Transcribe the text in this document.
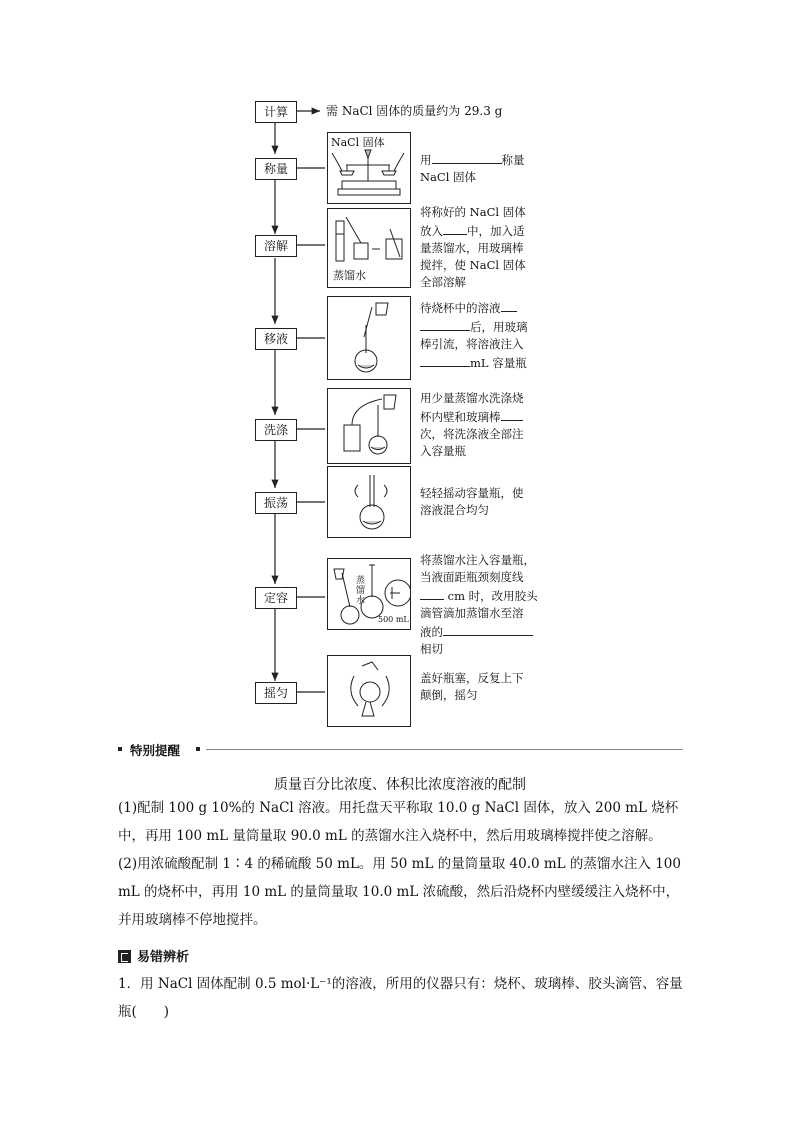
计算	需 NaCl 固体的质量约为 29.3 g
称量
NaCl 固体
用	称量
NaCl 固体
溶解
蒸馏水
将称好的 NaCl 固体
放入 中，加入适
量蒸馏水，用玻璃棒
搅拌，使 NaCl 固体
全部溶解
移液
待烧杯中的溶液
后，用玻璃
棒引流，将溶液注入
mL 容量瓶
洗涤
用少量蒸馏水洗涤烧
杯内壁和玻璃棒
次，将洗涤液全部注
入容量瓶
振荡
轻轻摇动容量瓶，使
溶液混合均匀
定容
蒸
馏
水
500 mL
将蒸馏水注入容量瓶，
当液面距瓶颈刻度线
cm 时，改用胶头
滴管滴加蒸馏水至溶
液的
相切
摇匀
盖好瓶塞，反复上下
颠倒，摇匀
特别提醒
质量百分比浓度、体积比浓度溶液的配制
(1)配制 100 g 10%的 NaCl 溶液。用托盘天平称取 10.0 g NaCl 固体，放入 200 mL 烧杯中，再用 100 mL 量筒量取 90.0 mL 的蒸馏水注入烧杯中，然后用玻璃棒搅拌使之溶解。
(2)用浓硫酸配制 1∶4 的稀硫酸 50 mL。用 50 mL 的量筒量取 40.0 mL 的蒸馏水注入 100 mL 的烧杯中，再用 10 mL 的量筒量取 10.0 mL 浓硫酸，然后沿烧杯内壁缓缓注入烧杯中，并用玻璃棒不停地搅拌。
易错辨析
1．用 NaCl 固体配制 0.5 mol·L⁻¹的溶液，所用的仪器只有：烧杯、玻璃棒、胶头滴管、容量瓶(　　)
